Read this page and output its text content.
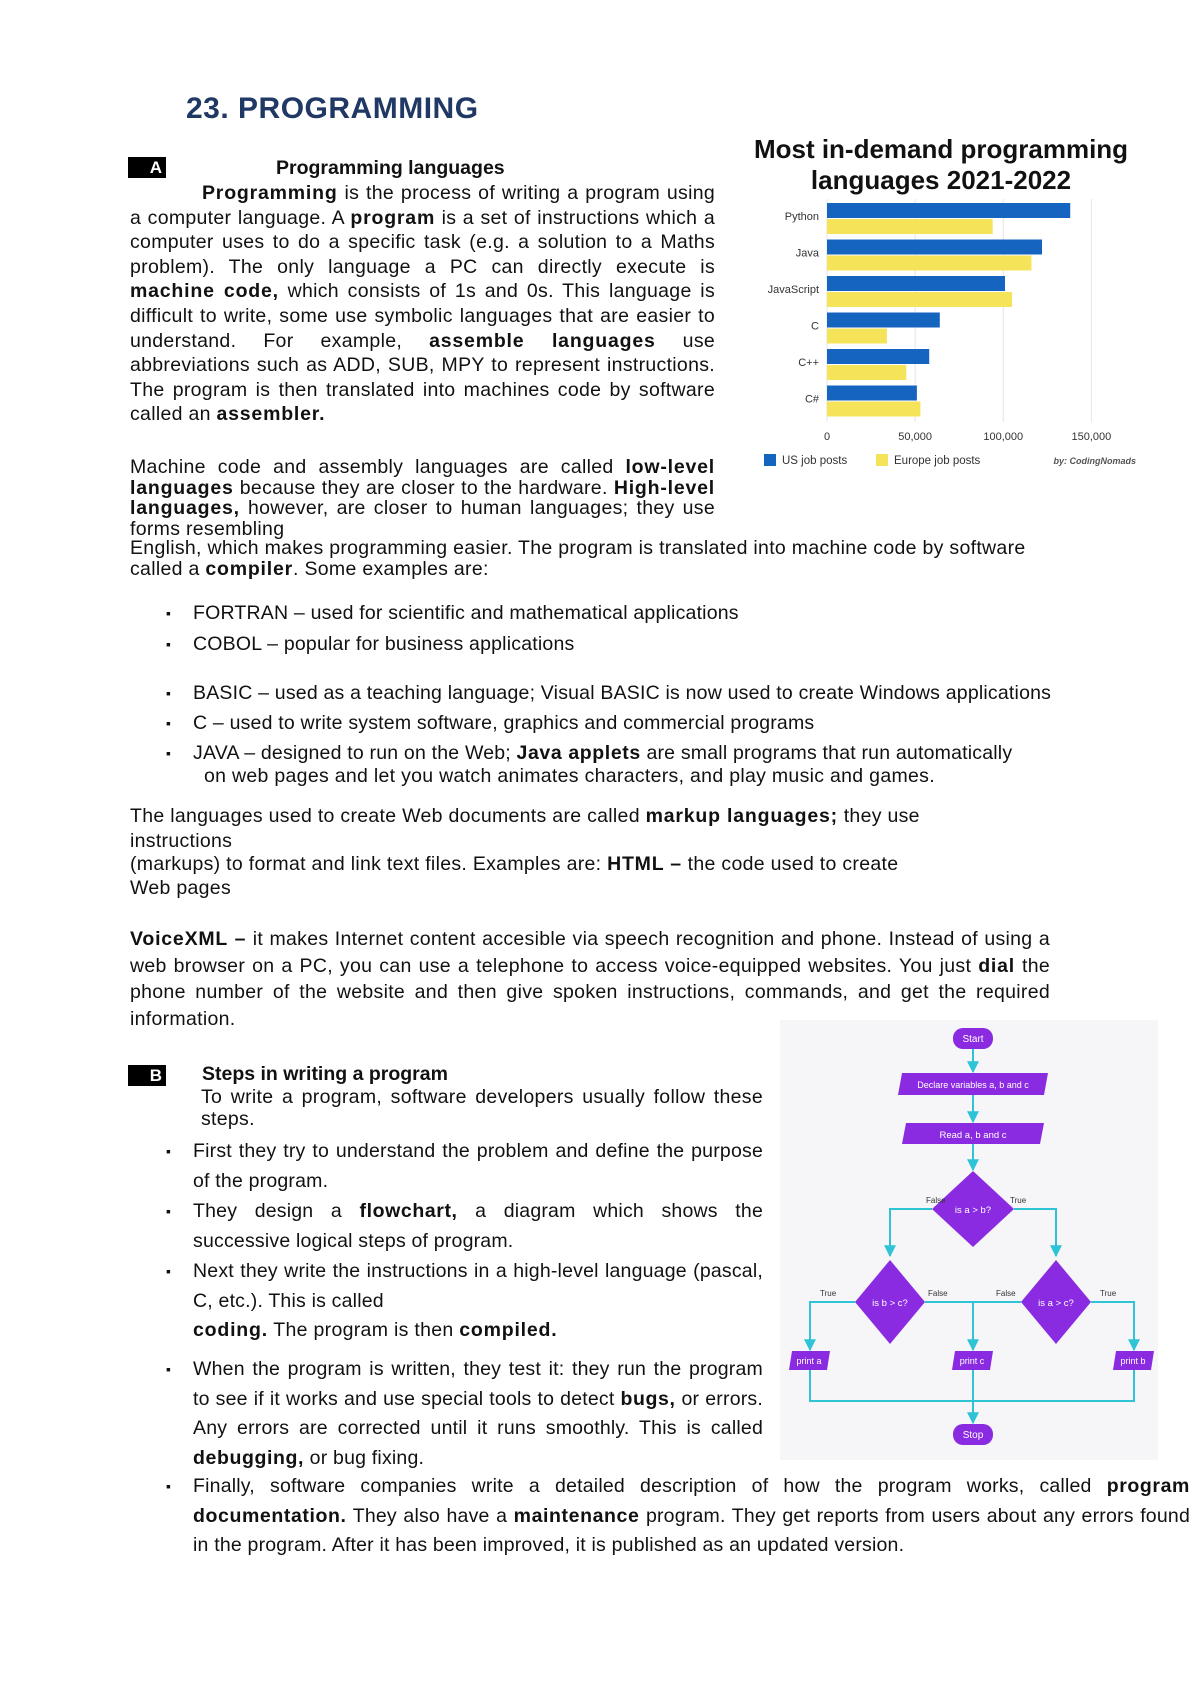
23. PROGRAMMING
A	Programming languages
Programming is the process of writing a program using a computer language. A program is a set of instructions which a computer uses to do a specific task (e.g. a solution to a Maths problem). The only language a PC can directly execute is machine code, which consists of 1s and 0s. This language is difficult to write, some use symbolic languages that are easier to understand. For example, assemble languages use abbreviations such as ADD, SUB, MPY to represent instructions. The program is then translated into machines code by software called an assembler.
Machine code and assembly languages are called low-level languages because they are closer to the hardware. High-level languages, however, are closer to human languages; they use forms resembling
English, which makes programming easier. The program is translated into machine code by software called a compiler. Some examples are:
▪ FORTRAN – used for scientific and mathematical applications
▪ COBOL – popular for business applications
▪ BASIC – used as a teaching language; Visual BASIC is now used to create Windows applications
▪ C – used to write system software, graphics and commercial programs
▪ JAVA – designed to run on the Web; Java applets are small programs that run automatically
on web pages and let you watch animates characters, and play music and games.
The languages used to create Web documents are called markup languages; they use
instructions
(markups) to format and link text files. Examples are: HTML – the code used to create
Web pages
VoiceXML – it makes Internet content accesible via speech recognition and phone. Instead of using a web browser on a PC, you can use a telephone to access voice-equipped websites. You just dial the phone number of the website and then give spoken instructions, commands, and get the required information.
B Steps in writing a program
To write a program, software developers usually follow these steps.
▪ First they try to understand the problem and define the purpose of the program.
▪ They design a flowchart, a diagram which shows the successive logical steps of program.
▪ Next they write the instructions in a high-level language (pascal, C, etc.). This is called
coding. The program is then compiled.
▪ When the program is written, they test it: they run the program to see if it works and use special tools to detect bugs, or errors. Any errors are corrected until it runs smoothly. This is called debugging, or bug fixing.
▪ Finally, software companies write a detailed description of how the program works, called program documentation. They also have a maintenance program. They get reports from users about any errors found in the program. After it has been improved, it is published as an updated version.
Most in-demand programming languages 2021-2022
Python
Java
JavaScript
C
C++
C#
0	50,000	100,000	150,000
US job posts	Europe job posts	by: CodingNomads
Start
Declare variables a, b and c
Read a, b and c
is a > b?
False	True
is b > c?	is a > c?
True	False	False	True
print a	print c	print b
Stop
